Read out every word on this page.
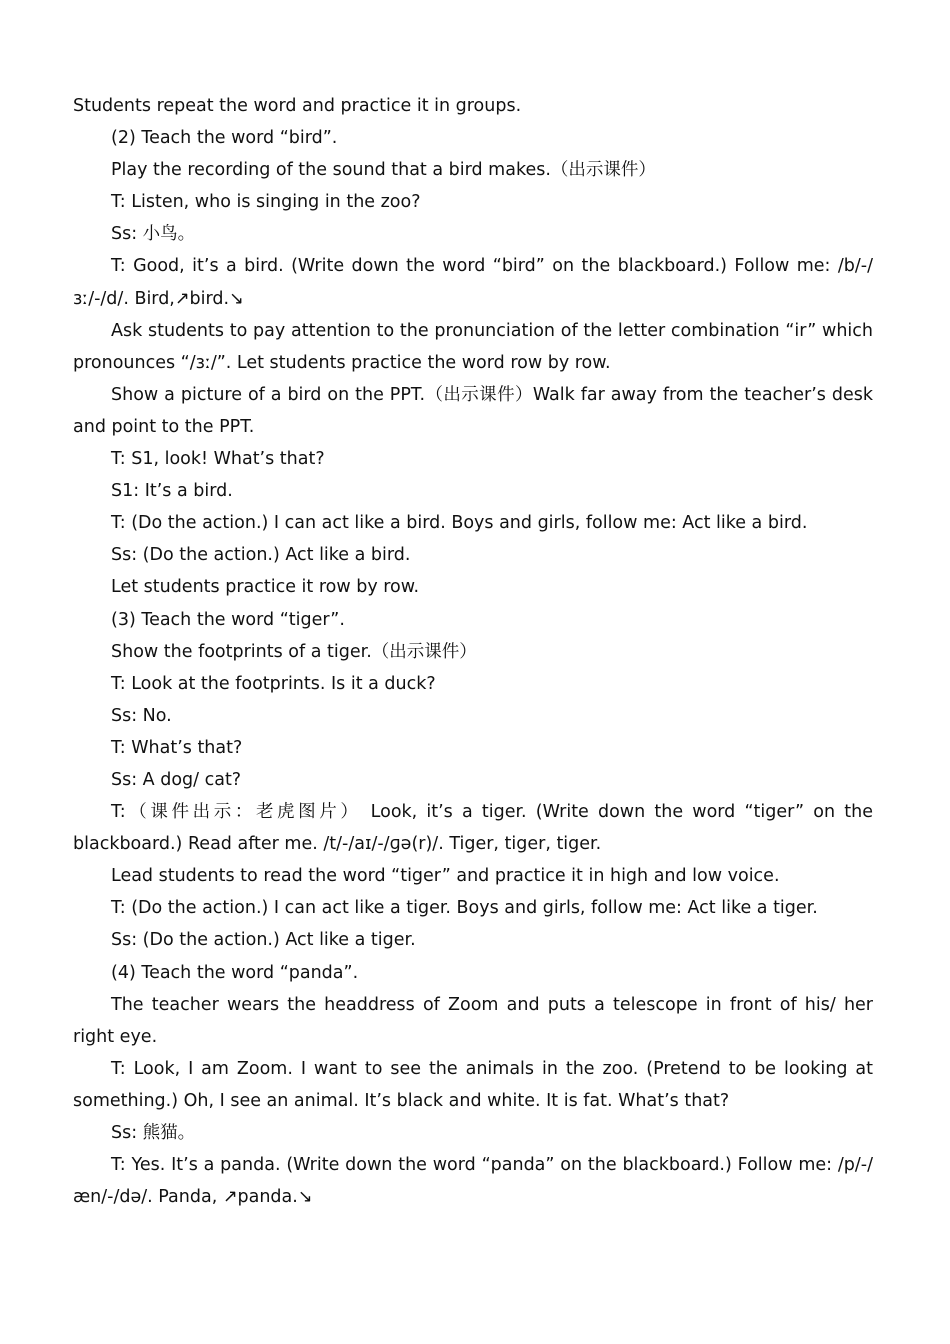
Students repeat the word and practice it in groups.

(2) Teach the word “bird”.

Play the recording of the sound that a bird makes.（出示课件）

T: Listen, who is singing in the zoo?

Ss: 小鸟。

T: Good, it’s a bird. (Write down the word “bird” on the blackboard.) Follow me: /b/-/ɜː/-/d/. Bird,↗bird.↘

Ask students to pay attention to the pronunciation of the letter combination “ir” which pronounces “/ɜː/”. Let students practice the word row by row.

Show a picture of a bird on the PPT.（出示课件）Walk far away from the teacher’s desk and point to the PPT.

T: S1, look! What’s that?

S1: It’s a bird.

T: (Do the action.) I can act like a bird. Boys and girls, follow me: Act like a bird.

Ss: (Do the action.) Act like a bird.

Let students practice it row by row.

(3) Teach the word “tiger”.

Show the footprints of a tiger.（出示课件）

T: Look at the footprints. Is it a duck?

Ss: No.

T: What’s that?

Ss: A dog/ cat?

T:（课件出示：老虎图片） Look, it’s a tiger. (Write down the word “tiger” on the blackboard.) Read after me. /t/-/aɪ/-/ɡə(r)/. Tiger, tiger, tiger.

Lead students to read the word “tiger” and practice it in high and low voice.

T: (Do the action.) I can act like a tiger. Boys and girls, follow me: Act like a tiger.

Ss: (Do the action.) Act like a tiger.

(4) Teach the word “panda”.

The teacher wears the headdress of Zoom and puts a telescope in front of his/ her right eye.

T: Look, I am Zoom. I want to see the animals in the zoo. (Pretend to be looking at something.) Oh, I see an animal. It’s black and white. It is fat. What’s that?

Ss: 熊猫。

T: Yes. It’s a panda. (Write down the word “panda” on the blackboard.) Follow me: /p/-/æn/-/də/. Panda, ↗panda.↘
